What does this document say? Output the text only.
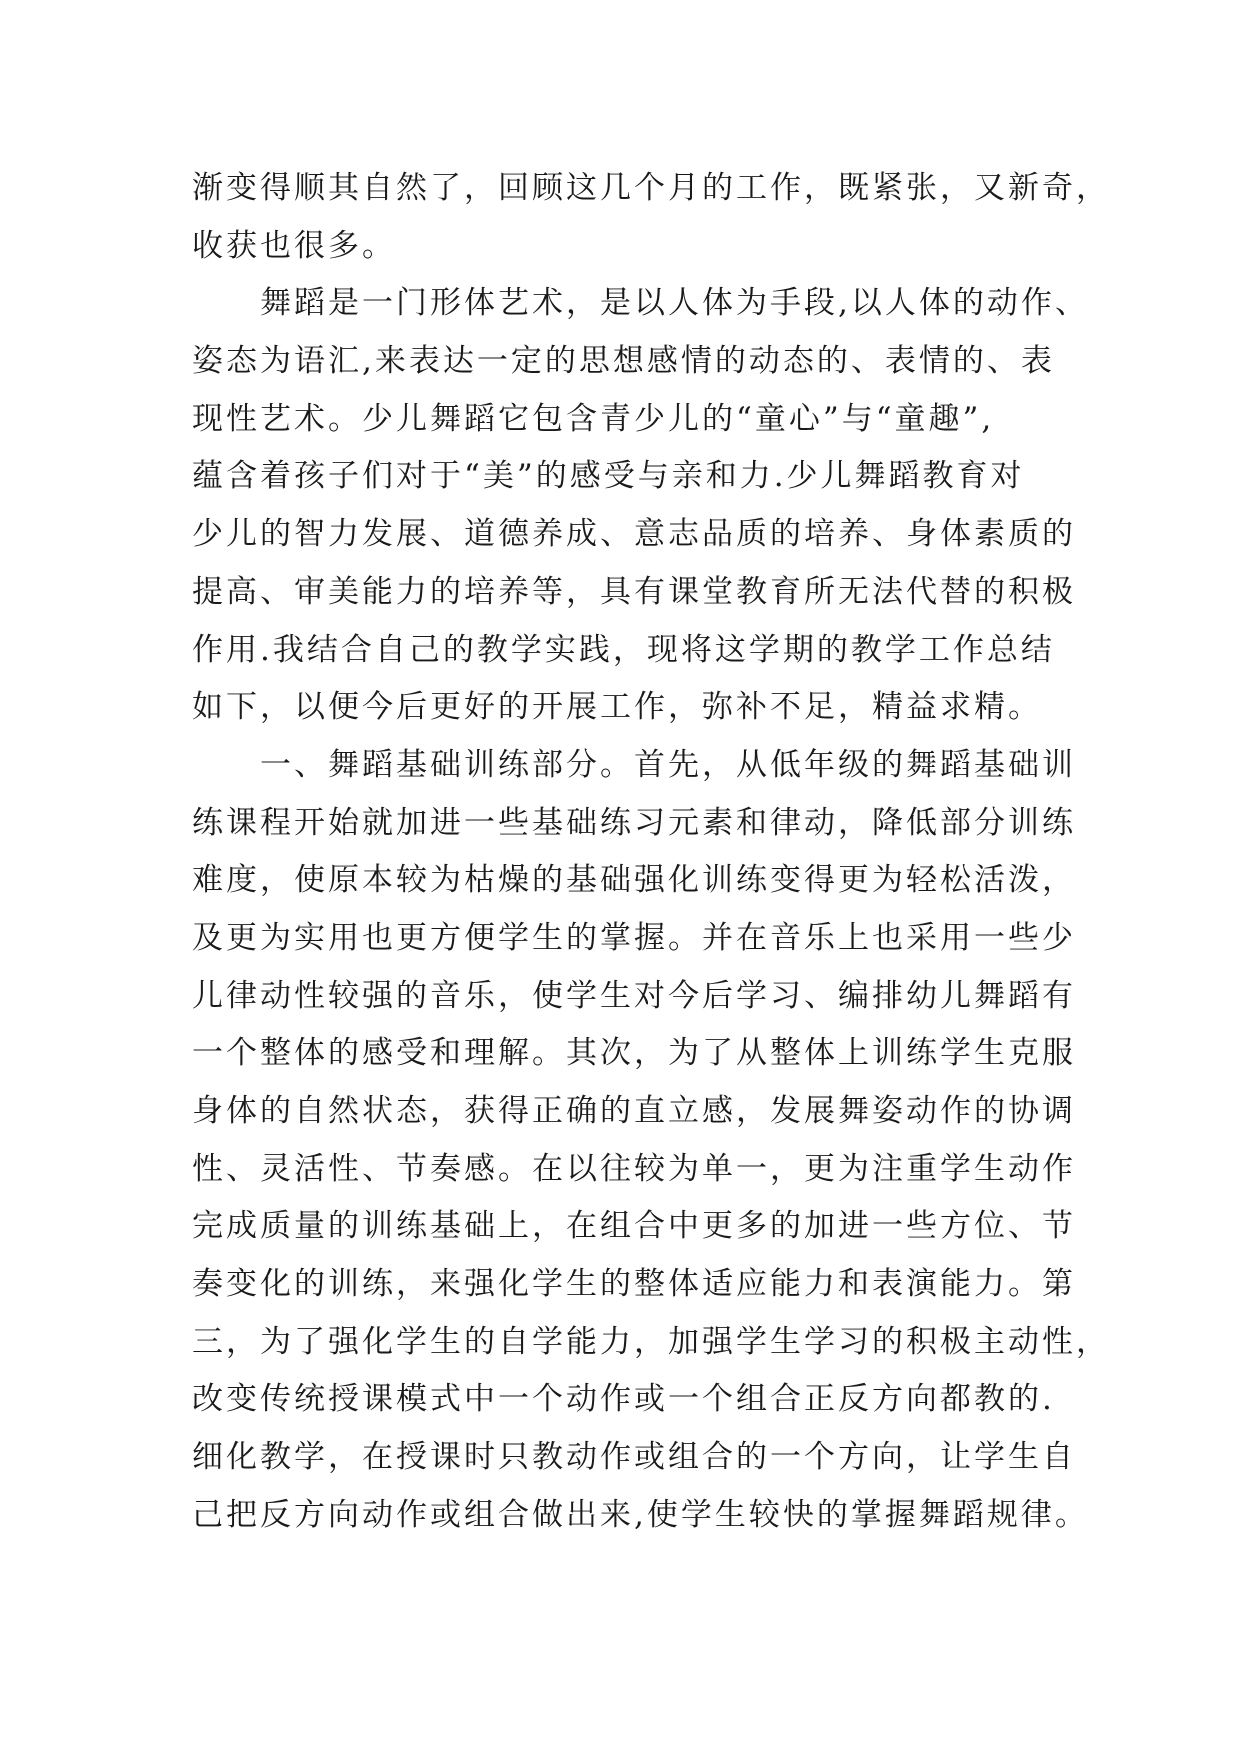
渐变得顺其自然了，回顾这几个月的工作，既紧张，又新奇，
收获也很多。
　　舞蹈是一门形体艺术，是以人体为手段,以人体的动作、
姿态为语汇,来表达一定的思想感情的动态的、表情的、表
现性艺术。少儿舞蹈它包含青少儿的“童心”与“童趣”,
蕴含着孩子们对于“美”的感受与亲和力.少儿舞蹈教育对
少儿的智力发展、道德养成、意志品质的培养、身体素质的
提高、审美能力的培养等，具有课堂教育所无法代替的积极
作用.我结合自己的教学实践，现将这学期的教学工作总结
如下，以便今后更好的开展工作，弥补不足，精益求精。
　　一、舞蹈基础训练部分。首先，从低年级的舞蹈基础训
练课程开始就加进一些基础练习元素和律动，降低部分训练
难度，使原本较为枯燥的基础强化训练变得更为轻松活泼，
及更为实用也更方便学生的掌握。并在音乐上也采用一些少
儿律动性较强的音乐，使学生对今后学习、编排幼儿舞蹈有
一个整体的感受和理解。其次，为了从整体上训练学生克服
身体的自然状态，获得正确的直立感，发展舞姿动作的协调
性、灵活性、节奏感。在以往较为单一，更为注重学生动作
完成质量的训练基础上，在组合中更多的加进一些方位、节
奏变化的训练，来强化学生的整体适应能力和表演能力。第
三，为了强化学生的自学能力，加强学生学习的积极主动性，
改变传统授课模式中一个动作或一个组合正反方向都教的.
细化教学，在授课时只教动作或组合的一个方向，让学生自
己把反方向动作或组合做出来,使学生较快的掌握舞蹈规律。
